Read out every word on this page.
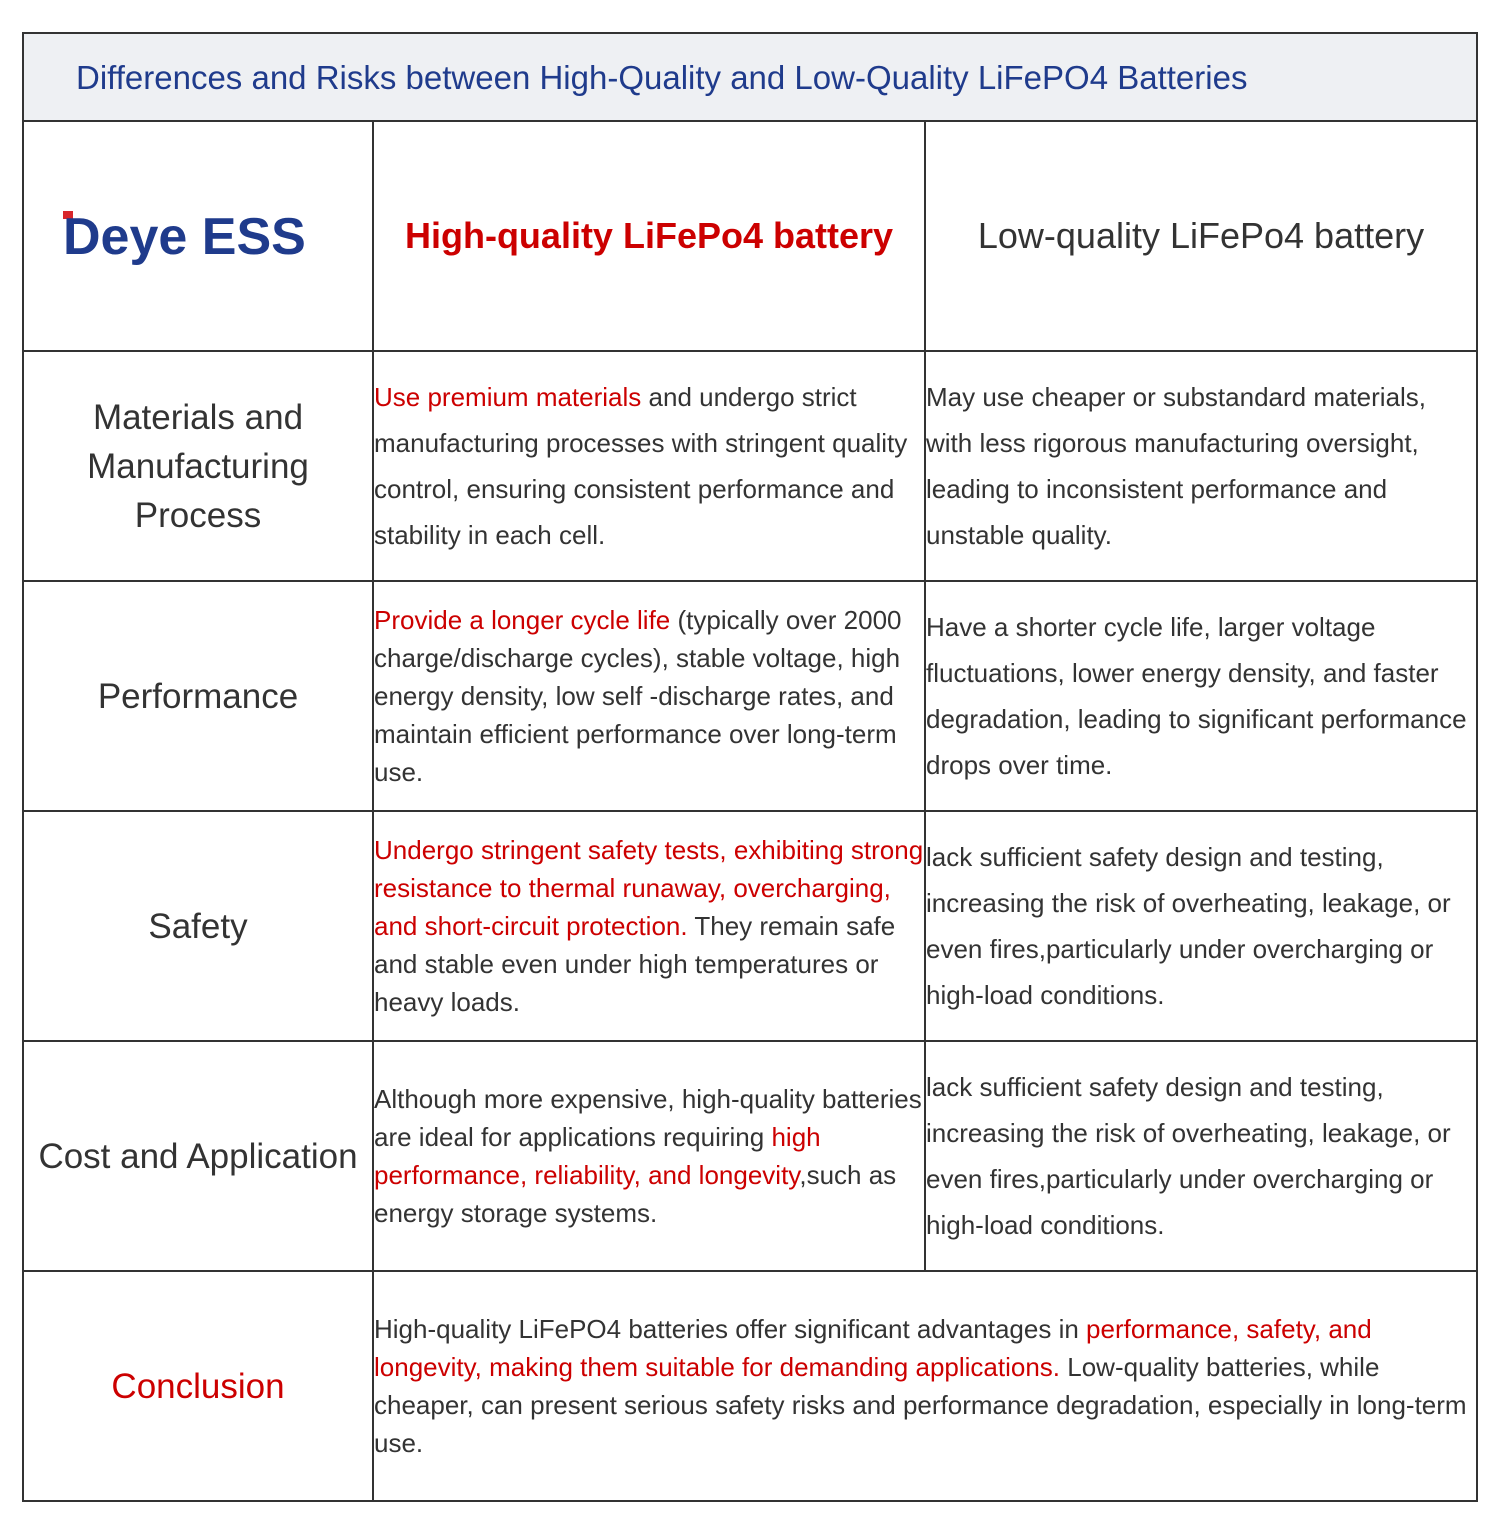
Differences and Risks between High-Quality and Low-Quality LiFePO4 Batteries
Deye ESS	High-quality LiFePo4 battery	Low-quality LiFePo4 battery
Materials and Manufacturing Process	Use premium materials and undergo strict manufacturing processes with stringent quality control, ensuring consistent performance and stability in each cell.	May use cheaper or substandard materials, with less rigorous manufacturing oversight, leading to inconsistent performance and unstable quality.
Performance	Provide a longer cycle life (typically over 2000 charge/discharge cycles), stable voltage, high energy density, low self -discharge rates, and maintain efficient performance over long-term use.	Have a shorter cycle life, larger voltage fluctuations, lower energy density, and faster degradation, leading to significant performance drops over time.
Safety	Undergo stringent safety tests, exhibiting strong resistance to thermal runaway, overcharging, and short-circuit protection. They remain safe and stable even under high temperatures or heavy loads.	lack sufficient safety design and testing, increasing the risk of overheating, leakage, or even fires,particularly under overcharging or high-load conditions.
Cost and Application	Although more expensive, high-quality batteries are ideal for applications requiring high performance, reliability, and longevity,such as energy storage systems.	lack sufficient safety design and testing, increasing the risk of overheating, leakage, or even fires,particularly under overcharging or high-load conditions.
Conclusion	High-quality LiFePO4 batteries offer significant advantages in performance, safety, and longevity, making them suitable for demanding applications. Low-quality batteries, while cheaper, can present serious safety risks and performance degradation, especially in long-term use.	
